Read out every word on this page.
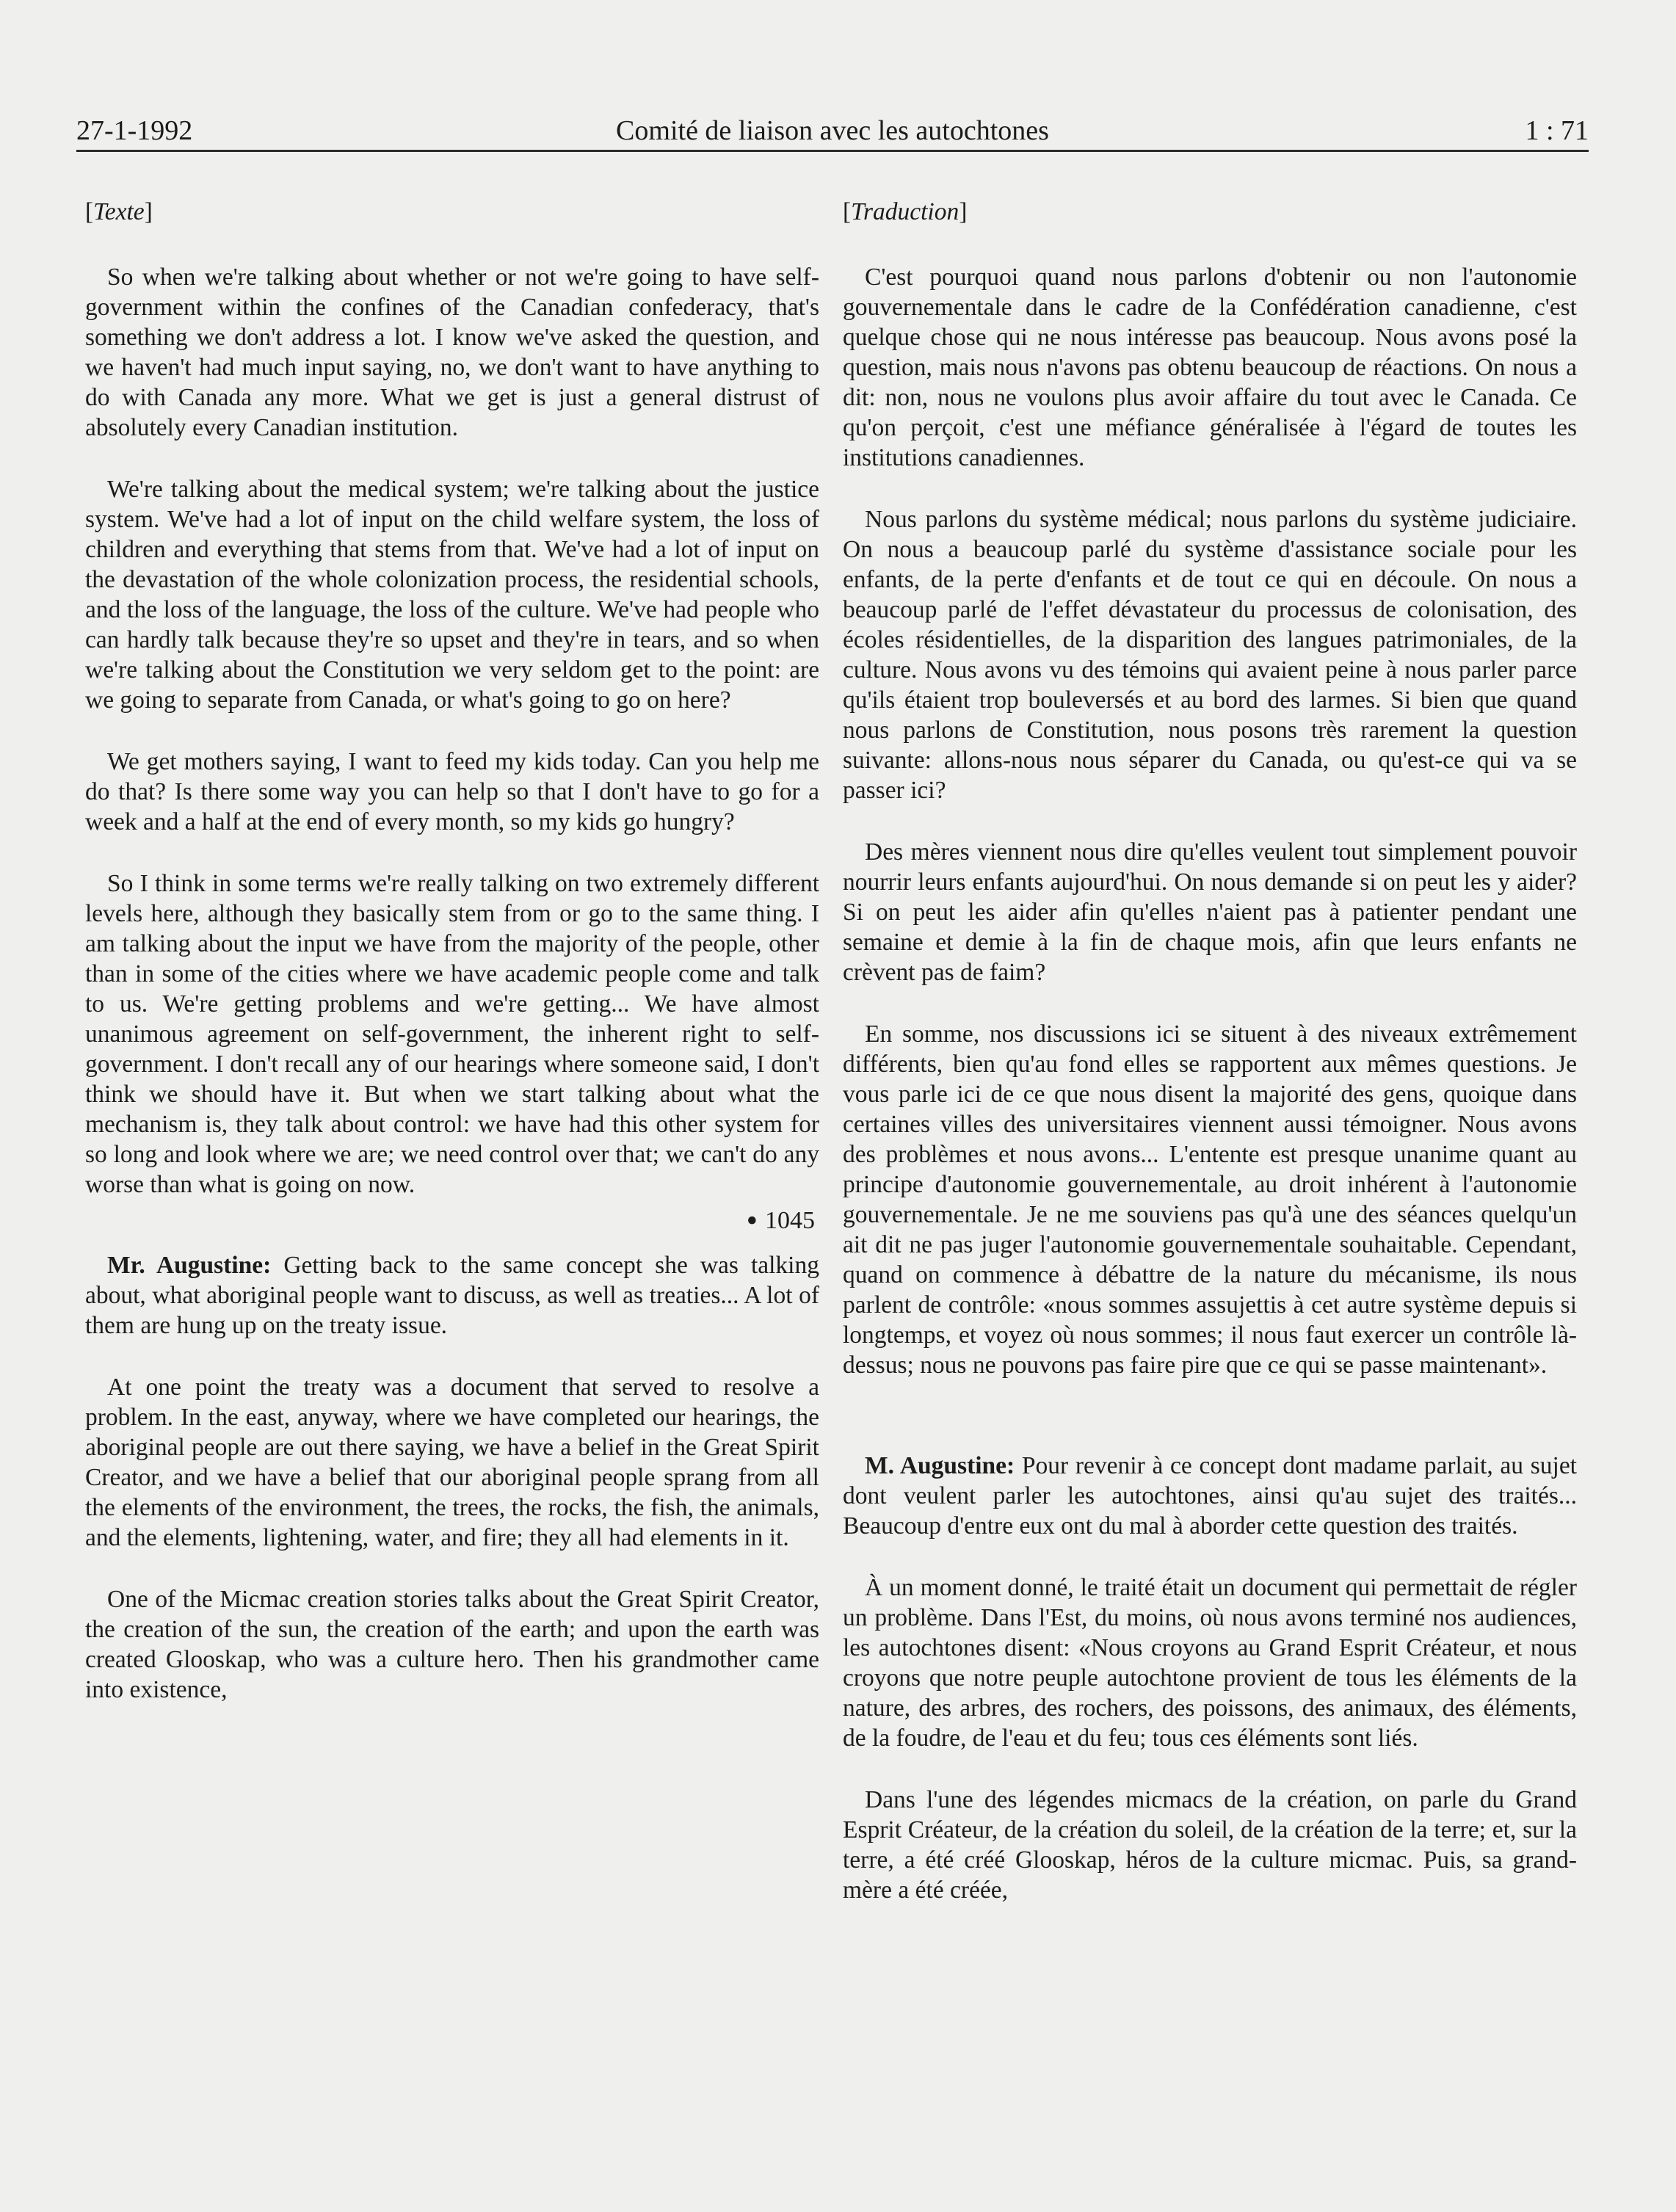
27-1-1992	Comité de liaison avec les autochtones	1 : 71
[Texte]

So when we're talking about whether or not we're going to have self-government within the confines of the Canadian confederacy, that's something we don't address a lot. I know we've asked the question, and we haven't had much input saying, no, we don't want to have anything to do with Canada any more. What we get is just a general distrust of absolutely every Canadian institution.

We're talking about the medical system; we're talking about the justice system. We've had a lot of input on the child welfare system, the loss of children and everything that stems from that. We've had a lot of input on the devastation of the whole colonization process, the residential schools, and the loss of the language, the loss of the culture. We've had people who can hardly talk because they're so upset and they're in tears, and so when we're talking about the Constitution we very seldom get to the point: are we going to separate from Canada, or what's going to go on here?

We get mothers saying, I want to feed my kids today. Can you help me do that? Is there some way you can help so that I don't have to go for a week and a half at the end of every month, so my kids go hungry?

So I think in some terms we're really talking on two extremely different levels here, although they basically stem from or go to the same thing. I am talking about the input we have from the majority of the people, other than in some of the cities where we have academic people come and talk to us. We're getting problems and we're getting... We have almost unanimous agreement on self-government, the inherent right to self-government. I don't recall any of our hearings where someone said, I don't think we should have it. But when we start talking about what the mechanism is, they talk about control: we have had this other system for so long and look where we are; we need control over that; we can't do any worse than what is going on now.

• 1045

Mr. Augustine: Getting back to the same concept she was talking about, what aboriginal people want to discuss, as well as treaties... A lot of them are hung up on the treaty issue.

At one point the treaty was a document that served to resolve a problem. In the east, anyway, where we have completed our hearings, the aboriginal people are out there saying, we have a belief in the Great Spirit Creator, and we have a belief that our aboriginal people sprang from all the elements of the environment, the trees, the rocks, the fish, the animals, and the elements, lightening, water, and fire; they all had elements in it.

One of the Micmac creation stories talks about the Great Spirit Creator, the creation of the sun, the creation of the earth; and upon the earth was created Glooskap, who was a culture hero. Then his grandmother came into existence,

[Traduction]

C'est pourquoi quand nous parlons d'obtenir ou non l'autonomie gouvernementale dans le cadre de la Confédération canadienne, c'est quelque chose qui ne nous intéresse pas beaucoup. Nous avons posé la question, mais nous n'avons pas obtenu beaucoup de réactions. On nous a dit: non, nous ne voulons plus avoir affaire du tout avec le Canada. Ce qu'on perçoit, c'est une méfiance généralisée à l'égard de toutes les institutions canadiennes.

Nous parlons du système médical; nous parlons du système judiciaire. On nous a beaucoup parlé du système d'assistance sociale pour les enfants, de la perte d'enfants et de tout ce qui en découle. On nous a beaucoup parlé de l'effet dévastateur du processus de colonisation, des écoles résidentielles, de la disparition des langues patrimoniales, de la culture. Nous avons vu des témoins qui avaient peine à nous parler parce qu'ils étaient trop bouleversés et au bord des larmes. Si bien que quand nous parlons de Constitution, nous posons très rarement la question suivante: allons-nous nous séparer du Canada, ou qu'est-ce qui va se passer ici?

Des mères viennent nous dire qu'elles veulent tout simplement pouvoir nourrir leurs enfants aujourd'hui. On nous demande si on peut les y aider? Si on peut les aider afin qu'elles n'aient pas à patienter pendant une semaine et demie à la fin de chaque mois, afin que leurs enfants ne crèvent pas de faim?

En somme, nos discussions ici se situent à des niveaux extrêmement différents, bien qu'au fond elles se rapportent aux mêmes questions. Je vous parle ici de ce que nous disent la majorité des gens, quoique dans certaines villes des universitaires viennent aussi témoigner. Nous avons des problèmes et nous avons... L'entente est presque unanime quant au principe d'autonomie gouvernementale, au droit inhérent à l'autonomie gouvernementale. Je ne me souviens pas qu'à une des séances quelqu'un ait dit ne pas juger l'autonomie gouvernementale souhaitable. Cependant, quand on commence à débattre de la nature du mécanisme, ils nous parlent de contrôle: «nous sommes assujettis à cet autre système depuis si longtemps, et voyez où nous sommes; il nous faut exercer un contrôle là-dessus; nous ne pouvons pas faire pire que ce qui se passe maintenant».

M. Augustine: Pour revenir à ce concept dont madame parlait, au sujet dont veulent parler les autochtones, ainsi qu'au sujet des traités... Beaucoup d'entre eux ont du mal à aborder cette question des traités.

À un moment donné, le traité était un document qui permettait de régler un problème. Dans l'Est, du moins, où nous avons terminé nos audiences, les autochtones disent: «Nous croyons au Grand Esprit Créateur, et nous croyons que notre peuple autochtone provient de tous les éléments de la nature, des arbres, des rochers, des poissons, des animaux, des éléments, de la foudre, de l'eau et du feu; tous ces éléments sont liés.

Dans l'une des légendes micmacs de la création, on parle du Grand Esprit Créateur, de la création du soleil, de la création de la terre; et, sur la terre, a été créé Glooskap, héros de la culture micmac. Puis, sa grand-mère a été créée,
